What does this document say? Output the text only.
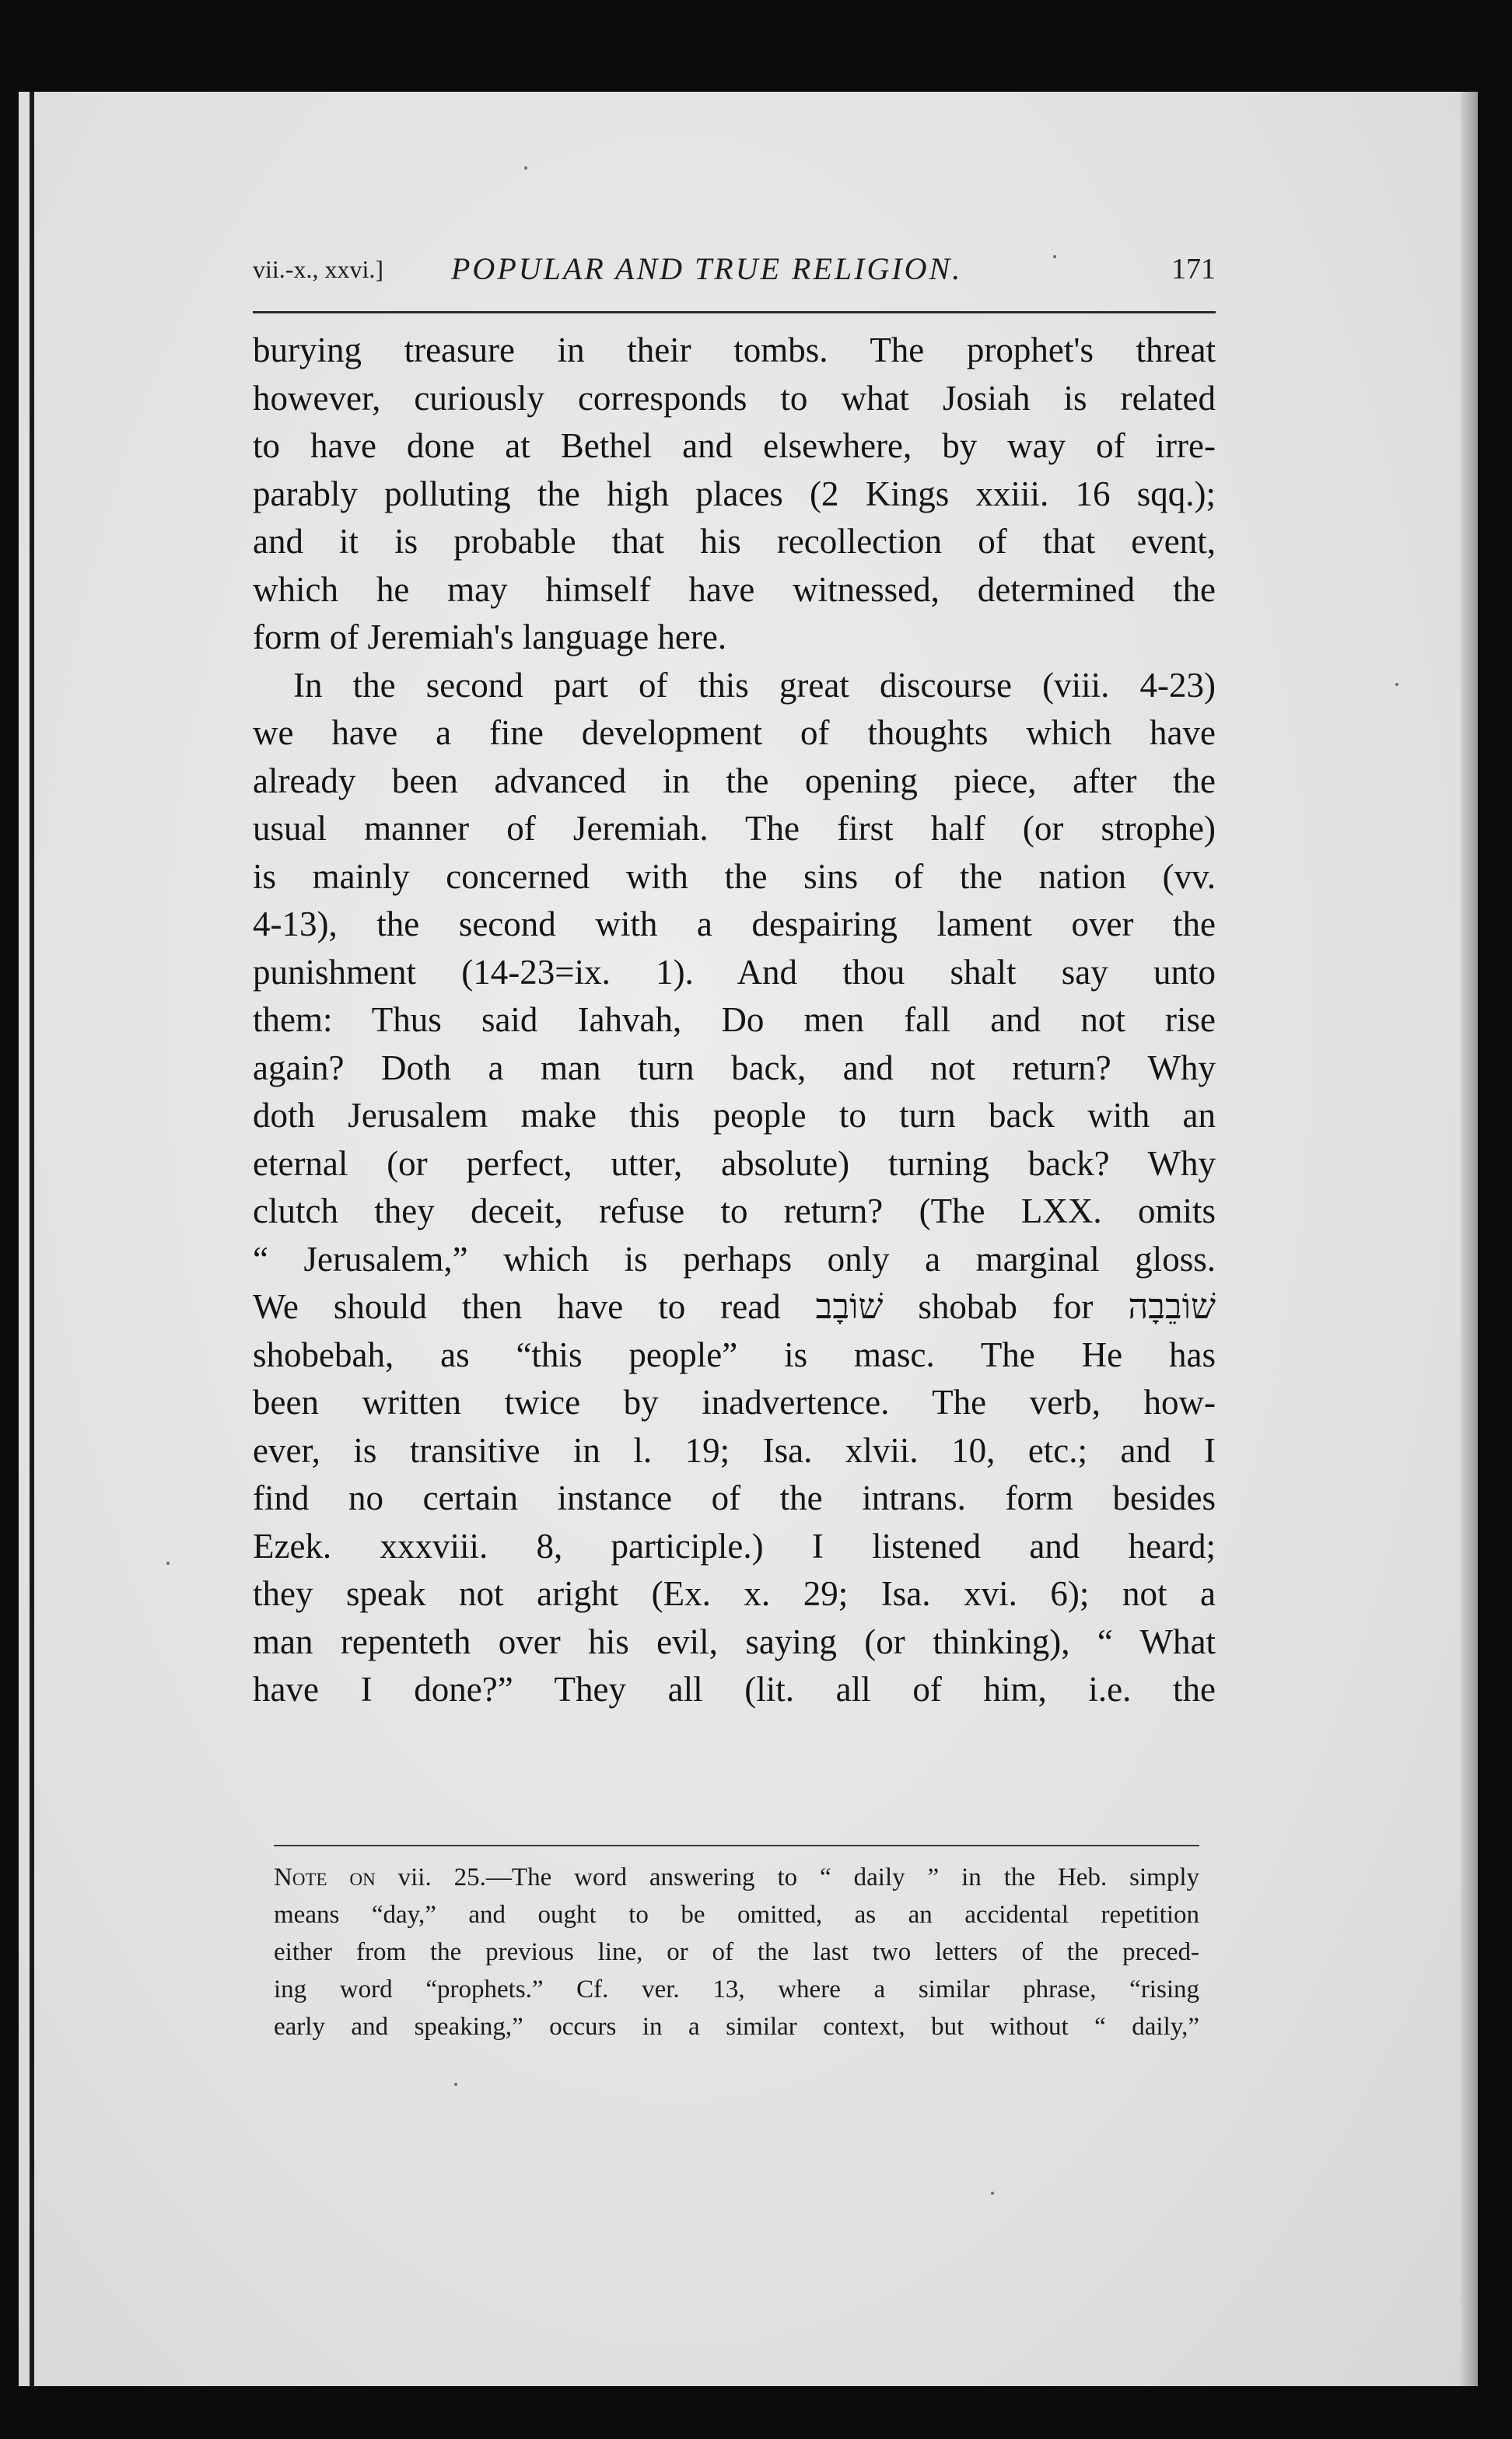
vii.-x., xxvi.] POPULAR AND TRUE RELIGION.	171
burying treasure in their tombs. The prophet's threat
however, curiously corresponds to what Josiah is related
to have done at Bethel and elsewhere, by way of irre-
parably polluting the high places (2 Kings xxiii. 16 sqq.);
and it is probable that his recollection of that event,
which he may himself have witnessed, determined the
form of Jeremiah's language here.
In the second part of this great discourse (viii. 4-23)
we have a fine development of thoughts which have
already been advanced in the opening piece, after the
usual manner of Jeremiah. The first half (or strophe)
is mainly concerned with the sins of the nation (vv.
4-13), the second with a despairing lament over the
punishment (14-23=ix. 1). And thou shalt say unto
them: Thus said Iahvah, Do men fall and not rise
again? Doth a man turn back, and not return? Why
doth Jerusalem make this people to turn back with an
eternal (or perfect, utter, absolute) turning back? Why
clutch they deceit, refuse to return? (The LXX. omits
“ Jerusalem,” which is perhaps only a marginal gloss.
We should then have to read שׁוֹבָב shobab for שׁוֹבֵבָה
shobebah, as “this people” is masc. The He has
been written twice by inadvertence. The verb, how-
ever, is transitive in l. 19; Isa. xlvii. 10, etc.; and I
find no certain instance of the intrans. form besides
Ezek. xxxviii. 8, participle.) I listened and heard;
they speak not aright (Ex. x. 29; Isa. xvi. 6); not a
man repenteth over his evil, saying (or thinking), “ What
have I done?” They all (lit. all of him, i.e. the
Note on vii. 25.—The word answering to “ daily ” in the Heb. simply
means “day,” and ought to be omitted, as an accidental repetition
either from the previous line, or of the last two letters of the preced-
ing word “prophets.” Cf. ver. 13, where a similar phrase, “rising
early and speaking,” occurs in a similar context, but without “ daily,”
